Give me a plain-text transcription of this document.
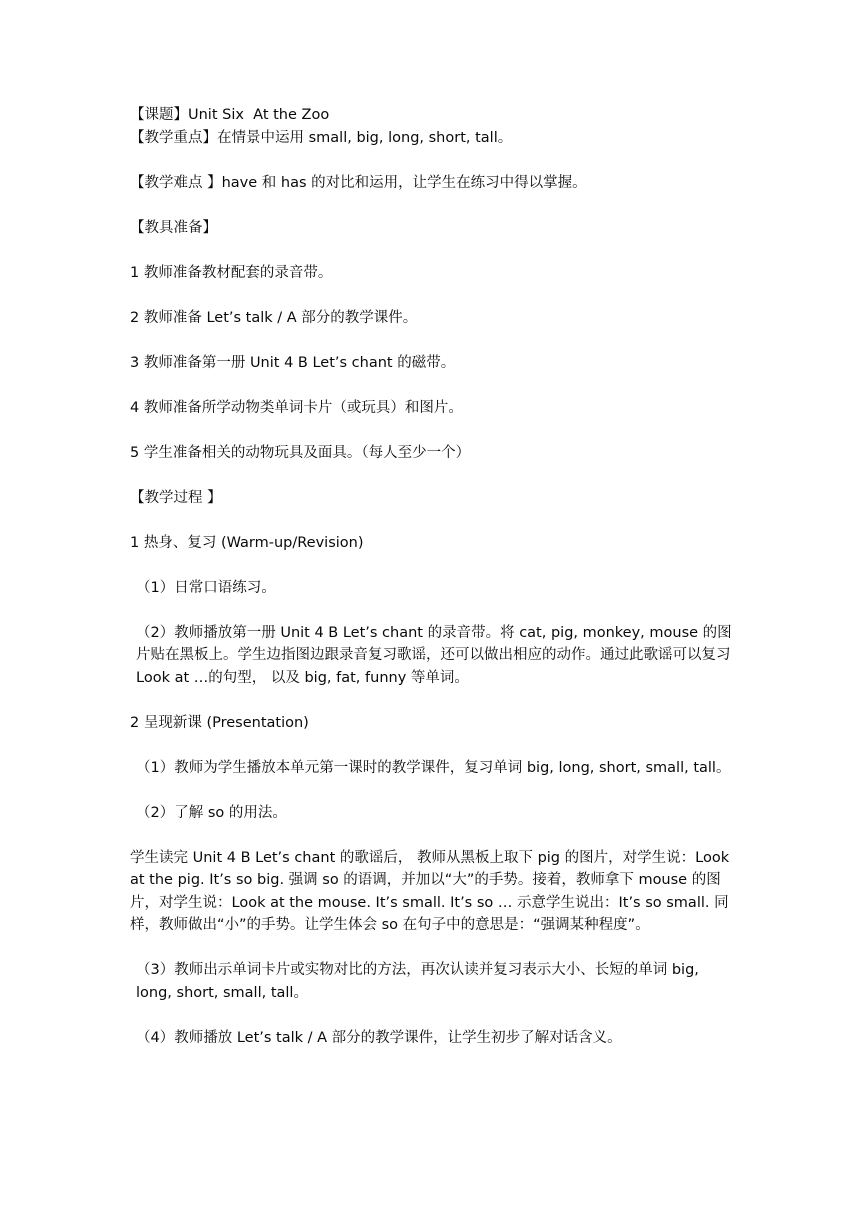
【课题】Unit Six  At the Zoo

【教学重点】在情景中运用 small, big, long, short, tall。

【教学难点 】have 和 has 的对比和运用，让学生在练习中得以掌握。

【教具准备】

1 教师准备教材配套的录音带。

2 教师准备 Let’s talk / A 部分的教学课件。

3 教师准备第一册 Unit 4 B Let’s chant 的磁带。

4 教师准备所学动物类单词卡片（或玩具）和图片。

5 学生准备相关的动物玩具及面具。（每人至少一个）

【教学过程 】

1 热身、复习 (Warm-up/Revision)

（1）日常口语练习。

（2）教师播放第一册 Unit 4 B Let’s chant 的录音带。将 cat, pig, monkey, mouse 的图片贴在黑板上。学生边指图边跟录音复习歌谣，还可以做出相应的动作。通过此歌谣可以复习 Look at …的句型， 以及 big, fat, funny 等单词。

2 呈现新课 (Presentation)

（1）教师为学生播放本单元第一课时的教学课件，复习单词 big, long, short, small, tall。

（2）了解 so 的用法。

学生读完 Unit 4 B Let’s chant 的歌谣后， 教师从黑板上取下 pig 的图片，对学生说：Look at the pig. It’s so big. 强调 so 的语调，并加以“大”的手势。接着，教师拿下 mouse 的图片，对学生说：Look at the mouse. It’s small. It’s so … 示意学生说出：It’s so small. 同样，教师做出“小”的手势。让学生体会 so 在句子中的意思是：“强调某种程度”。

（3）教师出示单词卡片或实物对比的方法，再次认读并复习表示大小、长短的单词 big, long, short, small, tall。

（4）教师播放 Let’s talk / A 部分的教学课件，让学生初步了解对话含义。
